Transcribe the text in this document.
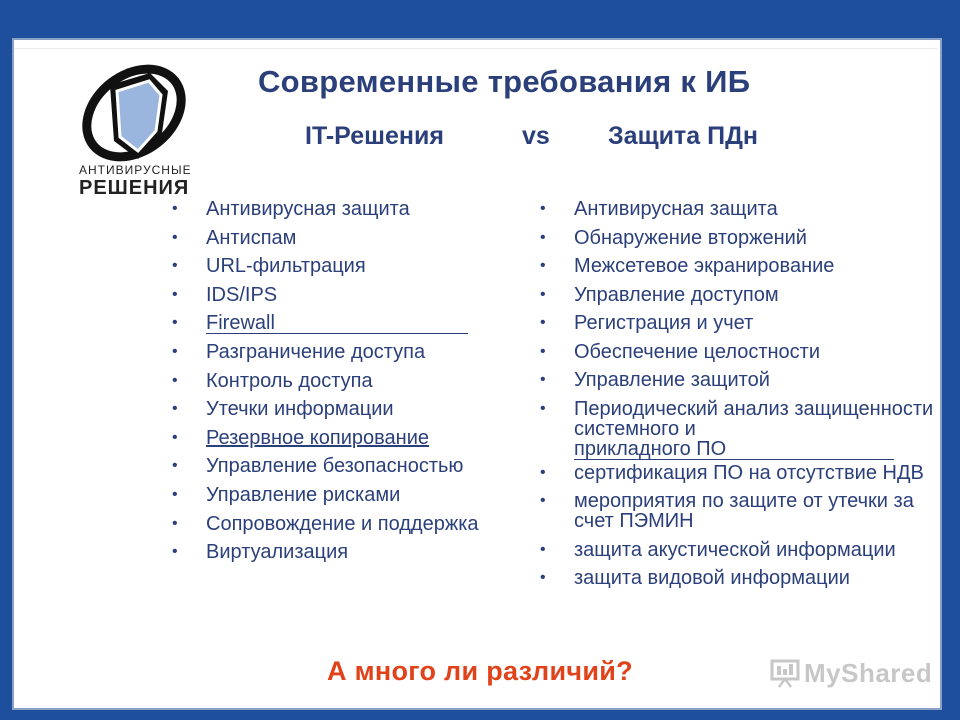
АНТИВИРУСНЫЕ
РЕШЕНИЯ
Современные требования к ИБ
IT-Решения	vs Защита ПДн
• Антивирусная защита
• Антиспам
• URL-фильтрация
• IDS/IPS
• Firewall
• Разграничение доступа
• Контроль доступа
• Утечки информации
• Резервное копирование
• Управление безопасностью
• Управление рисками
• Сопровождение и поддержка
• Виртуализация
• Антивирусная защита
• Обнаружение вторжений
• Межсетевое экранирование
• Управление доступом
• Регистрация и учет
• Обеспечение целостности
• Управление защитой
• Периодический анализ защищенности системного и
прикладного ПО
• сертификация ПО на отсутствие НДВ
• мероприятия по защите от утечки за счет ПЭМИН
• защита акустической информации
• защита видовой информации
А много ли различий?	MyShared
